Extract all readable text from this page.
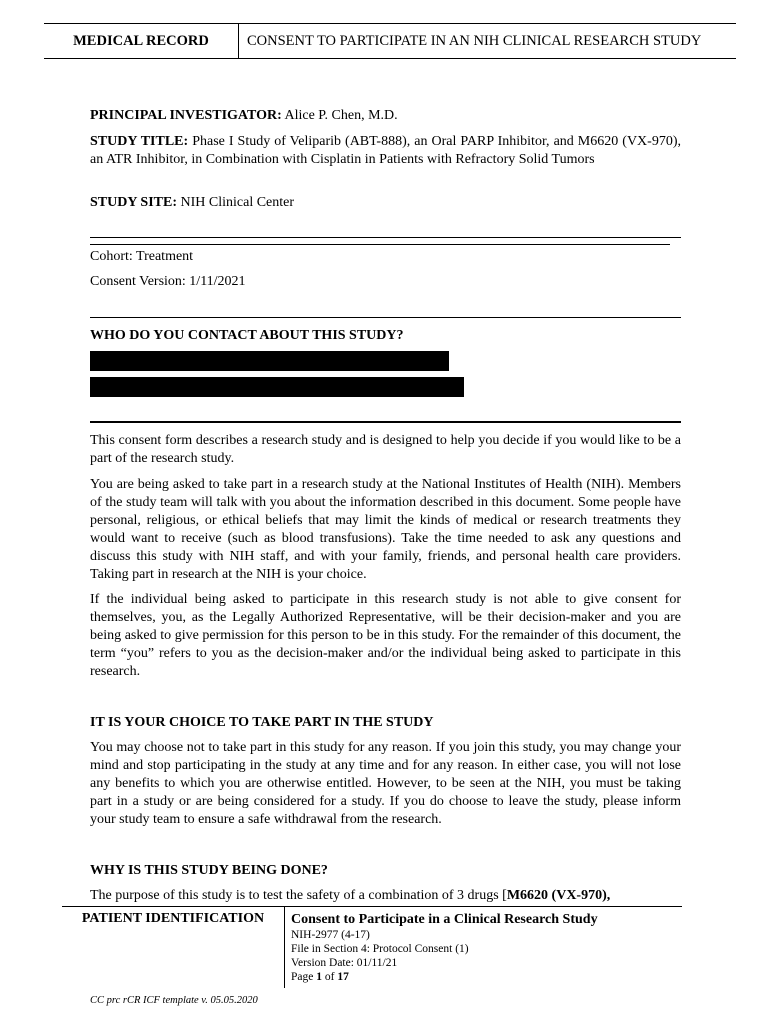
MEDICAL RECORD	CONSENT TO PARTICIPATE IN AN NIH CLINICAL RESEARCH STUDY
PRINCIPAL INVESTIGATOR: Alice P. Chen, M.D.
STUDY TITLE: Phase I Study of Veliparib (ABT-888), an Oral PARP Inhibitor, and M6620 (VX-970), an ATR Inhibitor, in Combination with Cisplatin in Patients with Refractory Solid Tumors
STUDY SITE: NIH Clinical Center
Cohort: Treatment
Consent Version: 1/11/2021
WHO DO YOU CONTACT ABOUT THIS STUDY?
This consent form describes a research study and is designed to help you decide if you would like to be a part of the research study.
You are being asked to take part in a research study at the National Institutes of Health (NIH). Members of the study team will talk with you about the information described in this document. Some people have personal, religious, or ethical beliefs that may limit the kinds of medical or research treatments they would want to receive (such as blood transfusions). Take the time needed to ask any questions and discuss this study with NIH staff, and with your family, friends, and personal health care providers. Taking part in research at the NIH is your choice.
If the individual being asked to participate in this research study is not able to give consent for themselves, you, as the Legally Authorized Representative, will be their decision-maker and you are being asked to give permission for this person to be in this study. For the remainder of this document, the term “you” refers to you as the decision-maker and/or the individual being asked to participate in this research.
IT IS YOUR CHOICE TO TAKE PART IN THE STUDY
You may choose not to take part in this study for any reason. If you join this study, you may change your mind and stop participating in the study at any time and for any reason. In either case, you will not lose any benefits to which you are otherwise entitled. However, to be seen at the NIH, you must be taking part in a study or are being considered for a study. If you do choose to leave the study, please inform your study team to ensure a safe withdrawal from the research.
WHY IS THIS STUDY BEING DONE?
The purpose of this study is to test the safety of a combination of 3 drugs [M6620 (VX-970),
PATIENT IDENTIFICATION	Consent to Participate in a Clinical Research Study
NIH-2977 (4-17)
File in Section 4: Protocol Consent (1)
Version Date: 01/11/21
Page 1 of 17
CC prc rCR ICF template v. 05.05.2020
